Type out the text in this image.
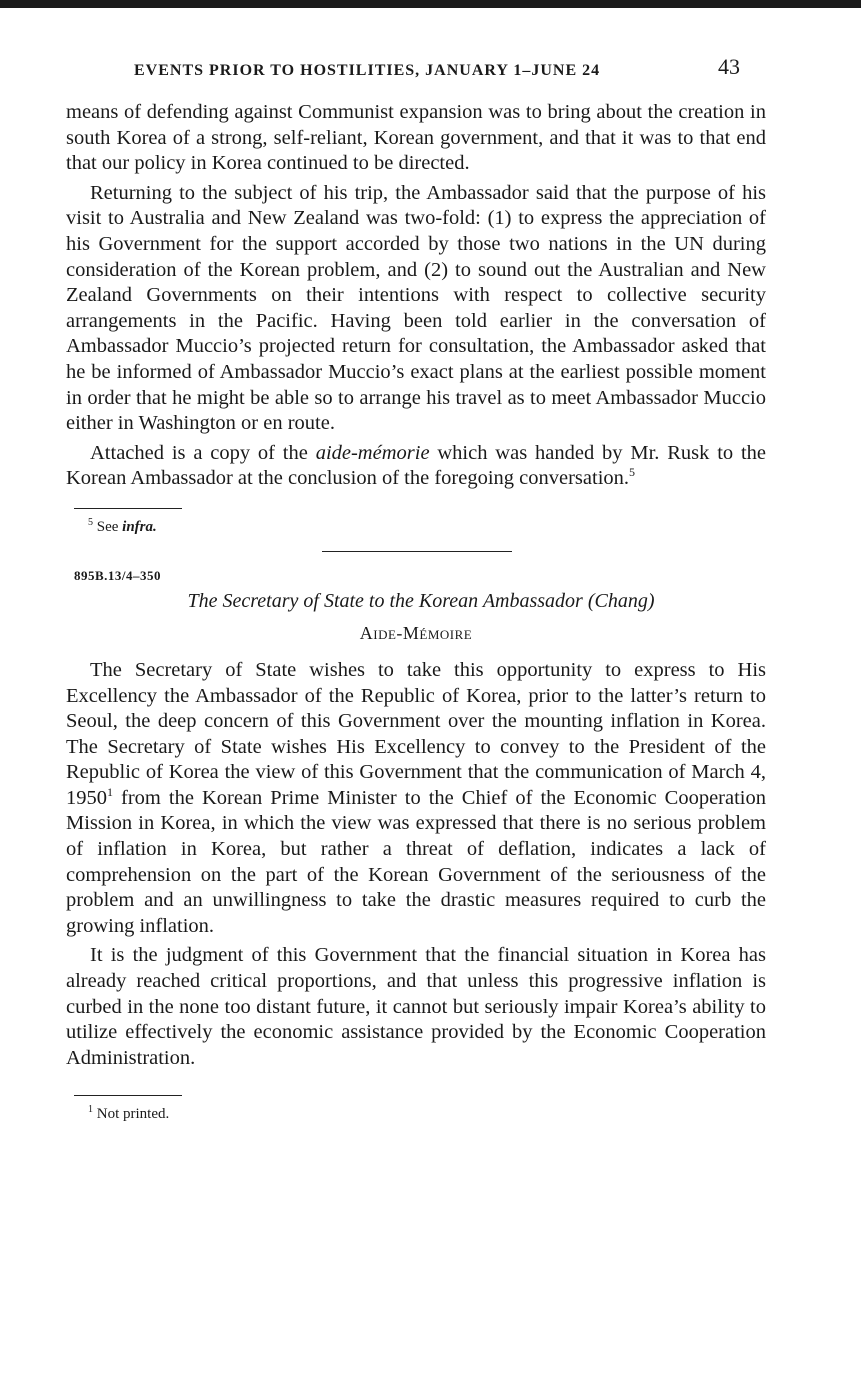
EVENTS PRIOR TO HOSTILITIES, JANUARY 1–JUNE 24	43

means of defending against Communist expansion was to bring about the creation in south Korea of a strong, self-reliant, Korean government, and that it was to that end that our policy in Korea continued to be directed.

Returning to the subject of his trip, the Ambassador said that the purpose of his visit to Australia and New Zealand was two-fold: (1) to express the appreciation of his Government for the support accorded by those two nations in the UN during consideration of the Korean problem, and (2) to sound out the Australian and New Zealand Governments on their intentions with respect to collective security arrangements in the Pacific. Having been told earlier in the conversation of Ambassador Muccio’s projected return for consultation, the Ambassador asked that he be informed of Ambassador Muccio’s exact plans at the earliest possible moment in order that he might be able so to arrange his travel as to meet Ambassador Muccio either in Washington or en route.

Attached is a copy of the aide-mémorie which was handed by Mr. Rusk to the Korean Ambassador at the conclusion of the foregoing conversation.$^5$

$^5$ See infra.
895B.13/4–350
The Secretary of State to the Korean Ambassador (Chang)
Aide-Mémoire

The Secretary of State wishes to take this opportunity to express to His Excellency the Ambassador of the Republic of Korea, prior to the latter’s return to Seoul, the deep concern of this Government over the mounting inflation in Korea. The Secretary of State wishes His Excellency to convey to the President of the Republic of Korea the view of this Government that the communication of March 4, 1950$^1$ from the Korean Prime Minister to the Chief of the Economic Cooperation Mission in Korea, in which the view was expressed that there is no serious problem of inflation in Korea, but rather a threat of deflation, indicates a lack of comprehension on the part of the Korean Government of the seriousness of the problem and an unwillingness to take the drastic measures required to curb the growing inflation.

It is the judgment of this Government that the financial situation in Korea has already reached critical proportions, and that unless this progressive inflation is curbed in the none too distant future, it cannot but seriously impair Korea’s ability to utilize effectively the economic assistance provided by the Economic Cooperation Administration.

$^1$ Not printed.
